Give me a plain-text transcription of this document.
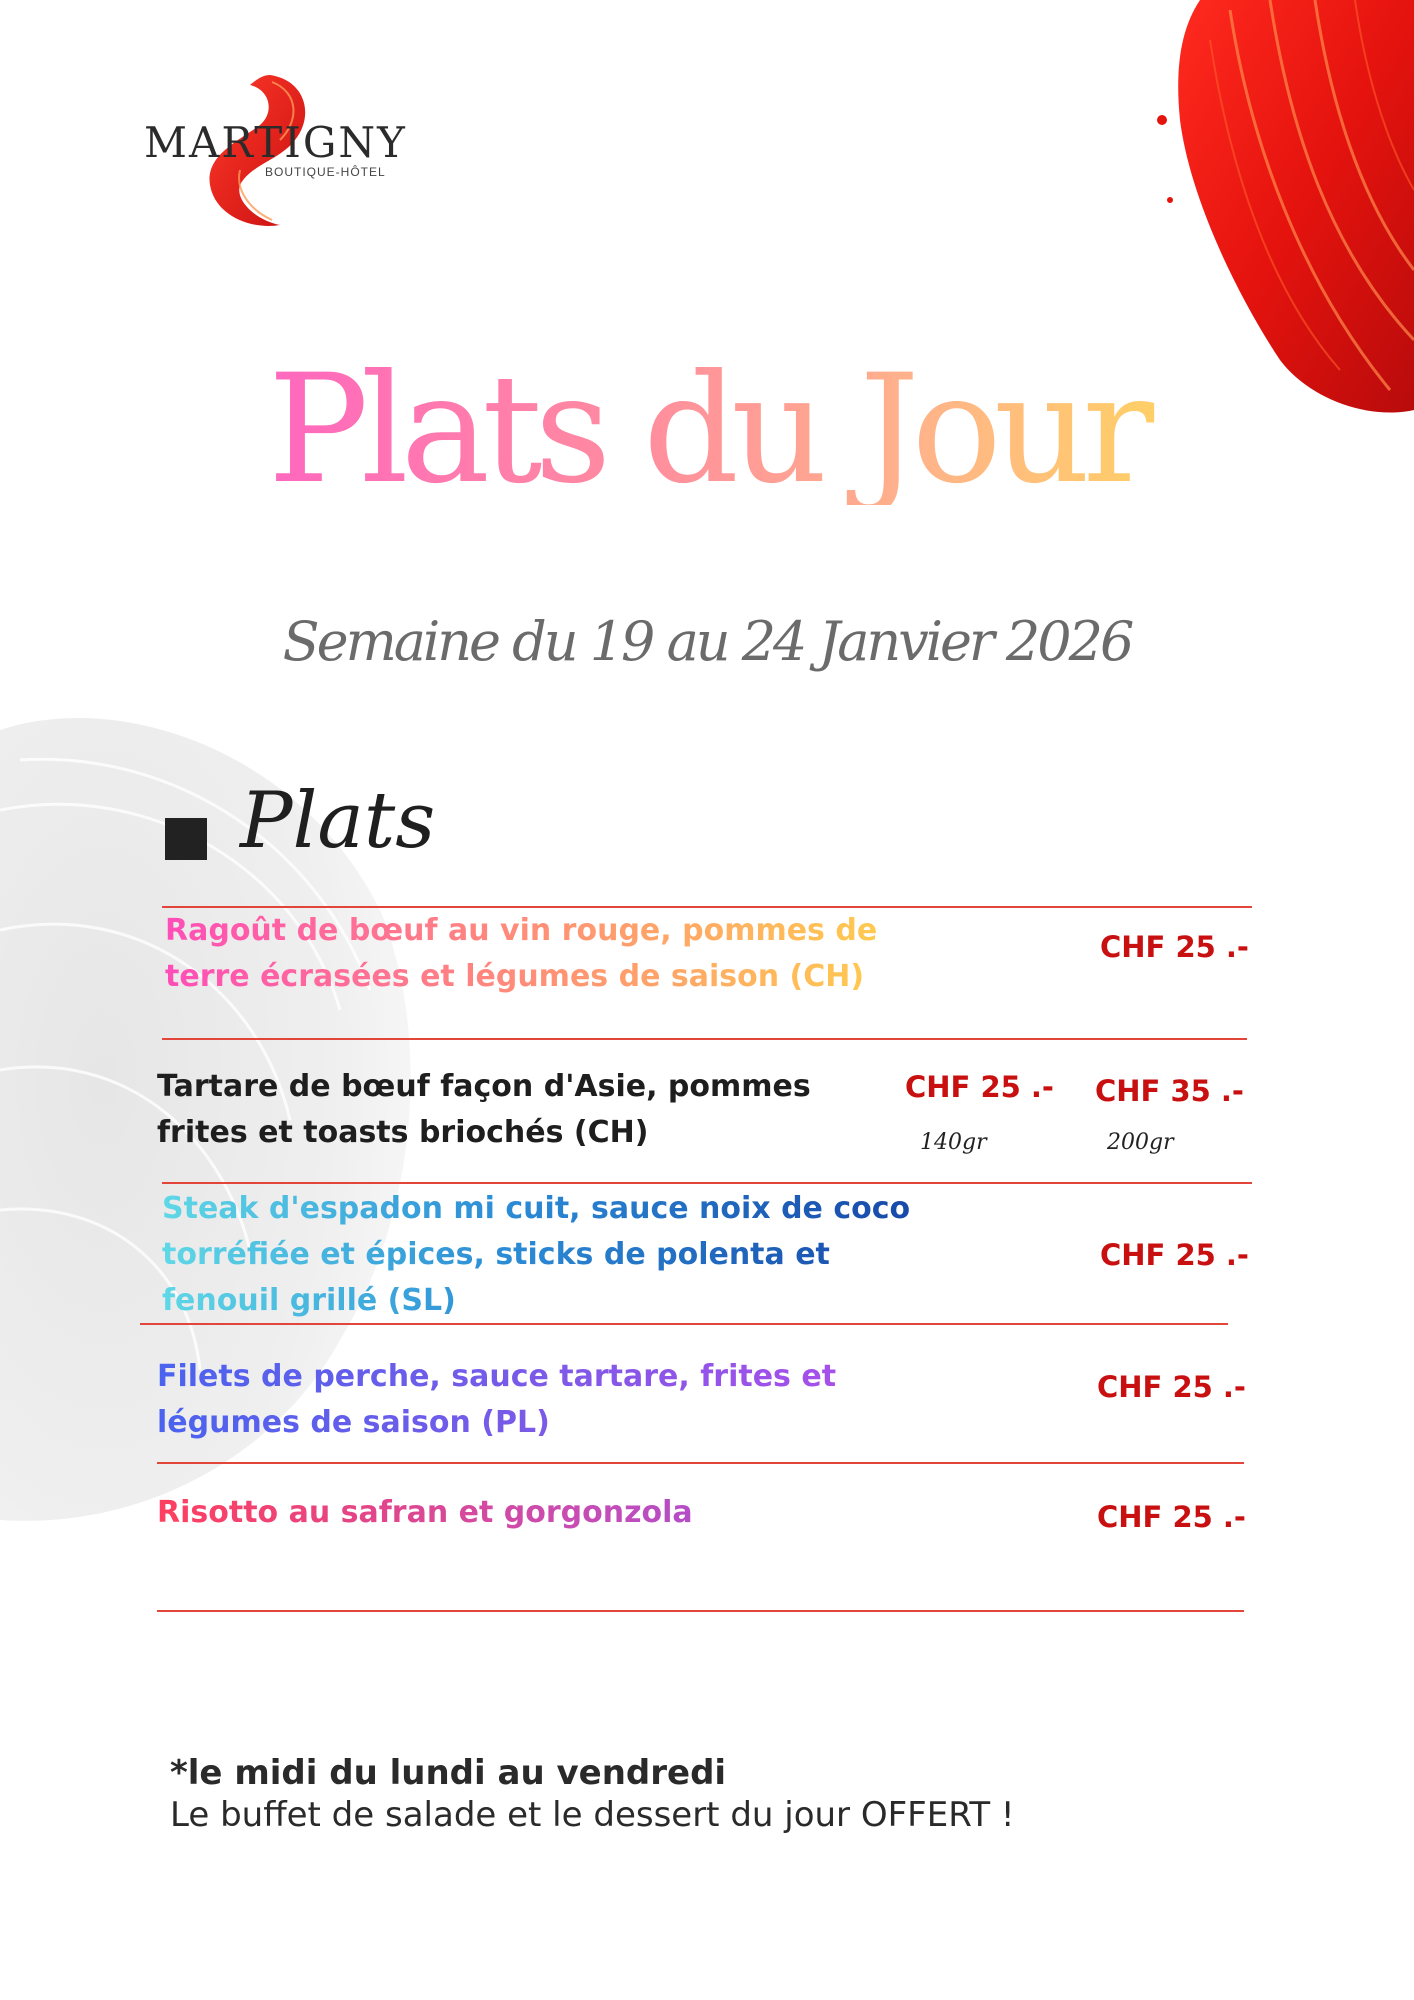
MARTIGNY
BOUTIQUE-HÔTEL
Plats du Jour
Semaine du 19 au 24 Janvier 2026
Plats
Ragoût de bœuf au vin rouge, pommes de terre écrasées et légumes de saison (CH)
CHF 25 .-
Tartare de bœuf façon d'Asie, pommes frites et toasts briochés (CH)
CHF 25 .-
140gr
CHF 35 .-
200gr
Steak d'espadon mi cuit, sauce noix de coco torréfiée et épices, sticks de polenta et fenouil grillé (SL)
CHF 25 .-
Filets de perche, sauce tartare, frites et légumes de saison (PL)
CHF 25 .-
Risotto au safran et gorgonzola	CHF 25 .-
*le midi du lundi au vendredi
Le buffet de salade et le dessert du jour OFFERT !
